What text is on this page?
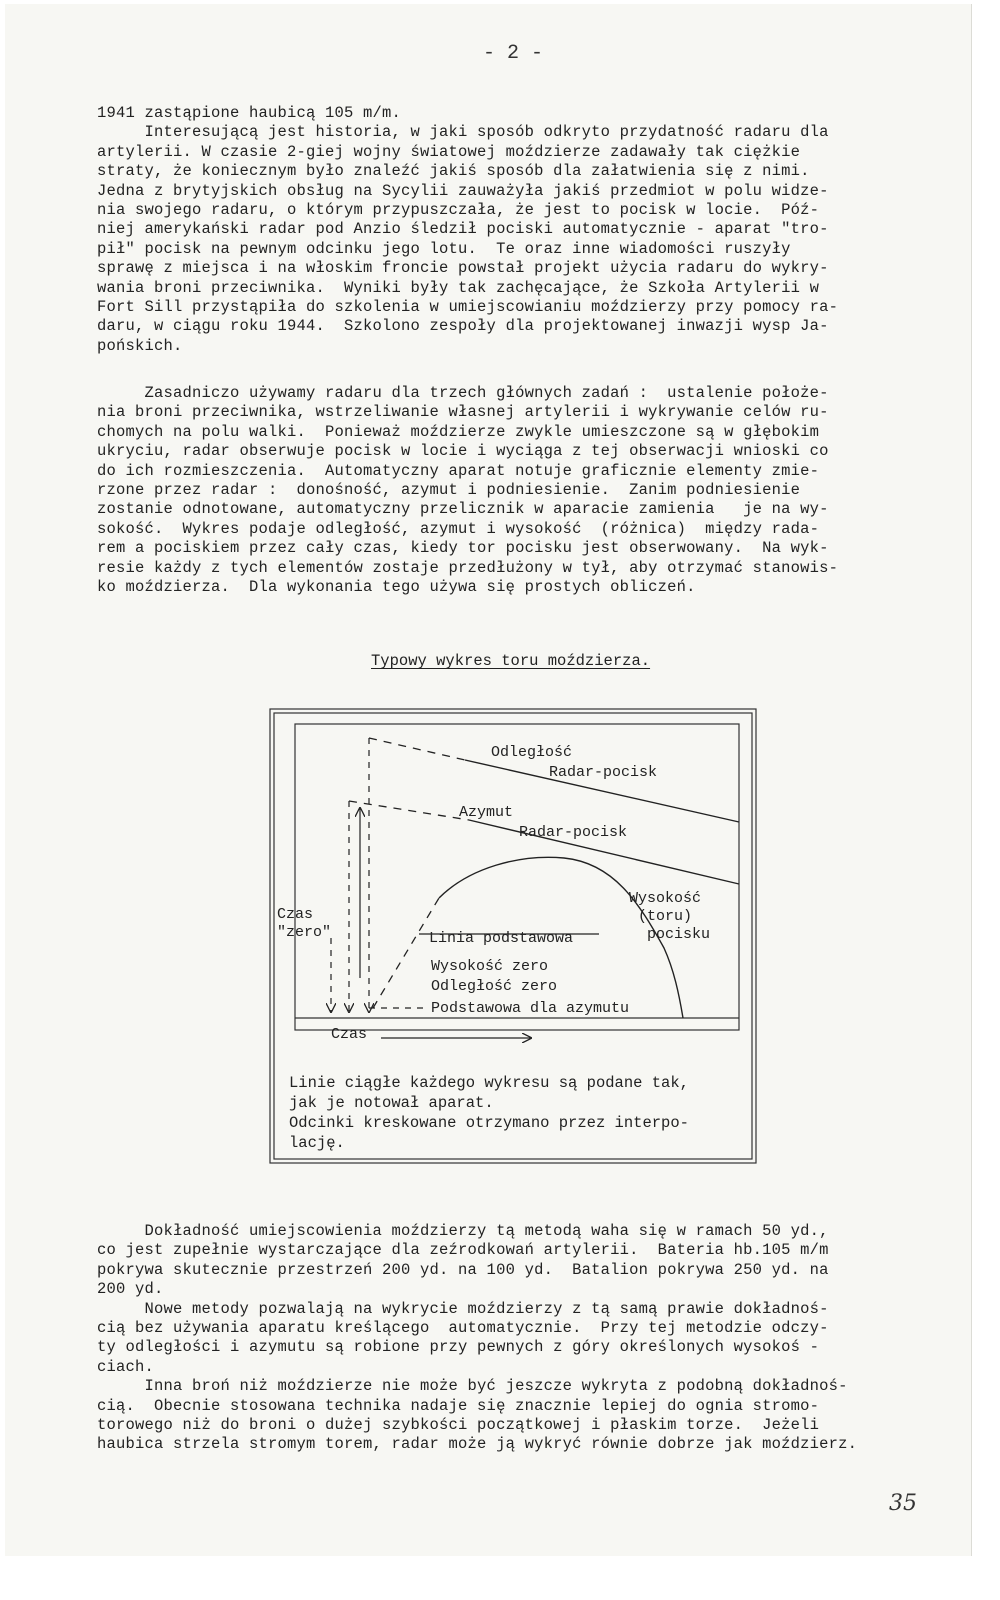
- 2 -

1941 zastąpione haubicą 105 m/m.
Interesującą jest historia, w jaki sposób odkryto przydatność radaru dla
artylerii. W czasie 2-giej wojny światowej moździerze zadawały tak ciężkie
straty, że koniecznym było znaleźć jakiś sposób dla załatwienia się z nimi.
Jedna z brytyjskich obsług na Sycylii zauważyła jakiś przedmiot w polu widze-
nia swojego radaru, o którym przypuszczała, że jest to pocisk w locie.  Póź-
niej amerykański radar pod Anzio śledził pociski automatycznie - aparat "tro-
pił" pocisk na pewnym odcinku jego lotu.  Te oraz inne wiadomości ruszyły
sprawę z miejsca i na włoskim froncie powstał projekt użycia radaru do wykry-
wania broni przeciwnika.  Wyniki były tak zachęcające, że Szkoła Artylerii w
Fort Sill przystąpiła do szkolenia w umiejscowianiu moździerzy przy pomocy ra-
daru, w ciągu roku 1944.  Szkolono zespoły dla projektowanej inwazji wysp Ja-
pońskich.

Zasadniczo używamy radaru dla trzech głównych zadań :  ustalenie położe-
nia broni przeciwnika, wstrzeliwanie własnej artylerii i wykrywanie celów ru-
chomych na polu walki.  Ponieważ moździerze zwykle umieszczone są w głębokim
ukryciu, radar obserwuje pocisk w locie i wyciąga z tej obserwacji wnioski co
do ich rozmieszczenia.  Automatyczny aparat notuje graficznie elementy zmie-
rzone przez radar :  donośność, azymut i podniesienie.  Zanim podniesienie
zostanie odnotowane, automatyczny przelicznik w aparacie zamienia   je na wy-
sokość.  Wykres podaje odległość, azymut i wysokość  (różnica)  między rada-
rem a pociskiem przez cały czas, kiedy tor pocisku jest obserwowany.  Na wyk-
resie każdy z tych elementów zostaje przedłużony w tył, aby otrzymać stanowis-
ko moździerza.  Dla wykonania tego używa się prostych obliczeń.

Typowy wykres toru moździerza.
Odległość
Radar-pocisk
Azymut
Radar-pocisk
Wysokość
(toru)
pocisku
Czas
"zero"	Linia podstawowa
Wysokość zero
Odległość zero
Podstawowa dla azymutu
Czas
Linie ciągłe każdego wykresu są podane tak,
jak je notował aparat.
Odcinki kreskowane otrzymano przez interpo-
lację.

Dokładność umiejscowienia moździerzy tą metodą waha się w ramach 50 yd.,
co jest zupełnie wystarczające dla zeźrodkowań artylerii.  Bateria hb.105 m/m
pokrywa skutecznie przestrzeń 200 yd. na 100 yd.  Batalion pokrywa 250 yd. na
200 yd.
Nowe metody pozwalają na wykrycie moździerzy z tą samą prawie dokładnoś-
cią bez używania aparatu kreślącego  automatycznie.  Przy tej metodzie odczy-
ty odległości i azymutu są robione przy pewnych z góry określonych wysokoś -
ciach.
Inna broń niż moździerze nie może być jeszcze wykryta z podobną dokładnoś-
cią.  Obecnie stosowana technika nadaje się znacznie lepiej do ognia stromo-
torowego niż do broni o dużej szybkości początkowej i płaskim torze.  Jeżeli
haubica strzela stromym torem, radar może ją wykryć równie dobrze jak moździerz.

35
